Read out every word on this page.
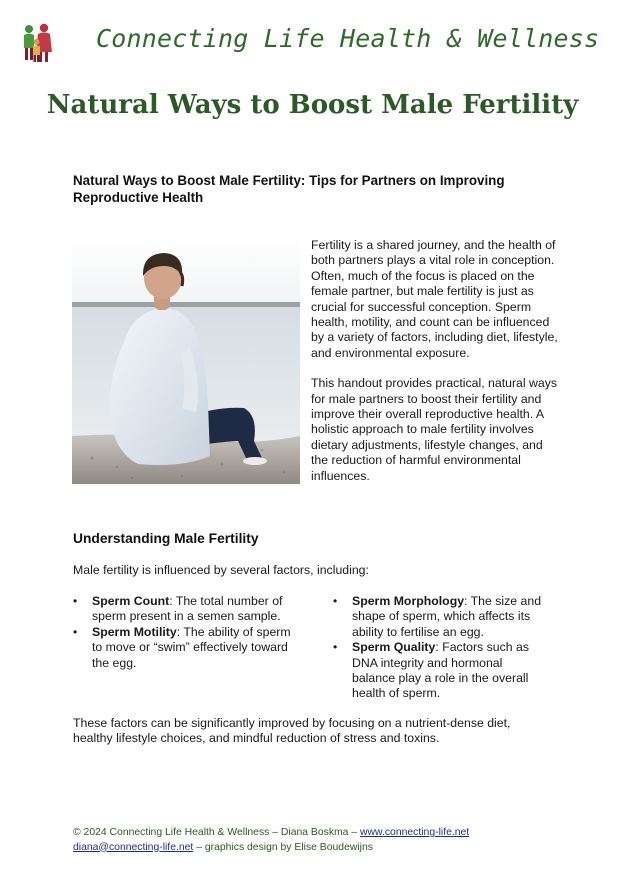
Connecting Life Health & Wellness
Natural Ways to Boost Male Fertility
Natural Ways to Boost Male Fertility: Tips for Partners on Improving Reproductive Health

Fertility is a shared journey, and the health of both partners plays a vital role in conception. Often, much of the focus is placed on the female partner, but male fertility is just as crucial for successful conception. Sperm health, motility, and count can be influenced by a variety of factors, including diet, lifestyle, and environmental exposure.

This handout provides practical, natural ways for male partners to boost their fertility and improve their overall reproductive health. A holistic approach to male fertility involves dietary adjustments, lifestyle changes, and the reduction of harmful environmental influences.

Understanding Male Fertility
Male fertility is influenced by several factors, including:
• Sperm Count: The total number of sperm present in a semen sample.
• Sperm Motility: The ability of sperm to move or “swim” effectively toward the egg.
• Sperm Morphology: The size and shape of sperm, which affects its ability to fertilise an egg.
• Sperm Quality: Factors such as DNA integrity and hormonal balance play a role in the overall health of sperm.
These factors can be significantly improved by focusing on a nutrient-dense diet, healthy lifestyle choices, and mindful reduction of stress and toxins.
© 2024 Connecting Life Health & Wellness – Diana Boskma – www.connecting-life.net
diana@connecting-life.net – graphics design by Elise Boudewijns
